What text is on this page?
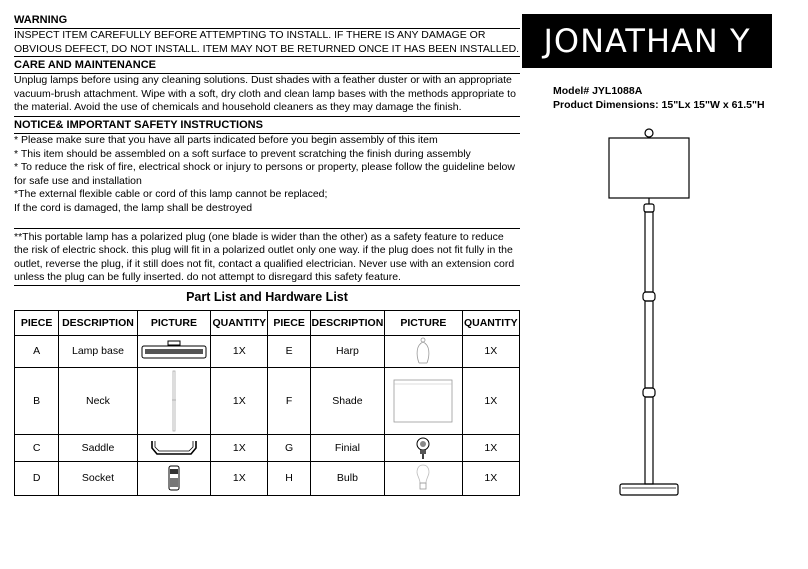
WARNING
INSPECT ITEM CAREFULLY BEFORE ATTEMPTING TO INSTALL. IF THERE IS ANY DAMAGE OR OBVIOUS DEFECT, DO NOT INSTALL. ITEM MAY NOT BE RETURNED ONCE IT HAS BEEN INSTALLED.
CARE AND MAINTENANCE
Unplug lamps before using any cleaning solutions. Dust shades with a feather duster or with an appropriate
vacuum-brush attachment. Wipe with a soft, dry cloth and clean lamp bases with the methods appropriate to the material. Avoid the use of chemicals and household cleaners as they may damage the finish.
NOTICE& IMPORTANT SAFETY INSTRUCTIONS
* Please make sure that you have all parts indicated before you begin assembly of this item
* This item should be assembled on a soft surface to prevent scratching the finish during assembly
* To reduce the risk of fire, electrical shock or injury to persons or property, please follow the guideline below for safe use and installation
*The external flexible cable or cord of this lamp cannot be replaced;
If the cord is damaged, the lamp shall be destroyed
**This portable lamp has a polarized plug (one blade is wider than the other) as a safety feature to reduce the risk of electric shock. this plug will fit in a polarized outlet only one way. if the plug does not fit fully in the outlet, reverse the plug, if it still does not fit, contact a qualified electrician. Never use with an extension cord unless the plug can be fully inserted. do not attempt to disregard this safety feature.
Part List and Hardware List
PIECE	DESCRIPTION	PICTURE	QUANTITY	PIECE	DESCRIPTION	PICTURE	QUANTITY
A	Lamp base		1X	E	Harp		1X
B	Neck		1X	F	Shade		1X
C	Saddle		1X	G	Finial		1X
D	Socket		1X	H	Bulb		1X
JONATHAN Y
Model# JYL1088A
Product Dimensions: 15"Lx 15"W x 61.5"H
